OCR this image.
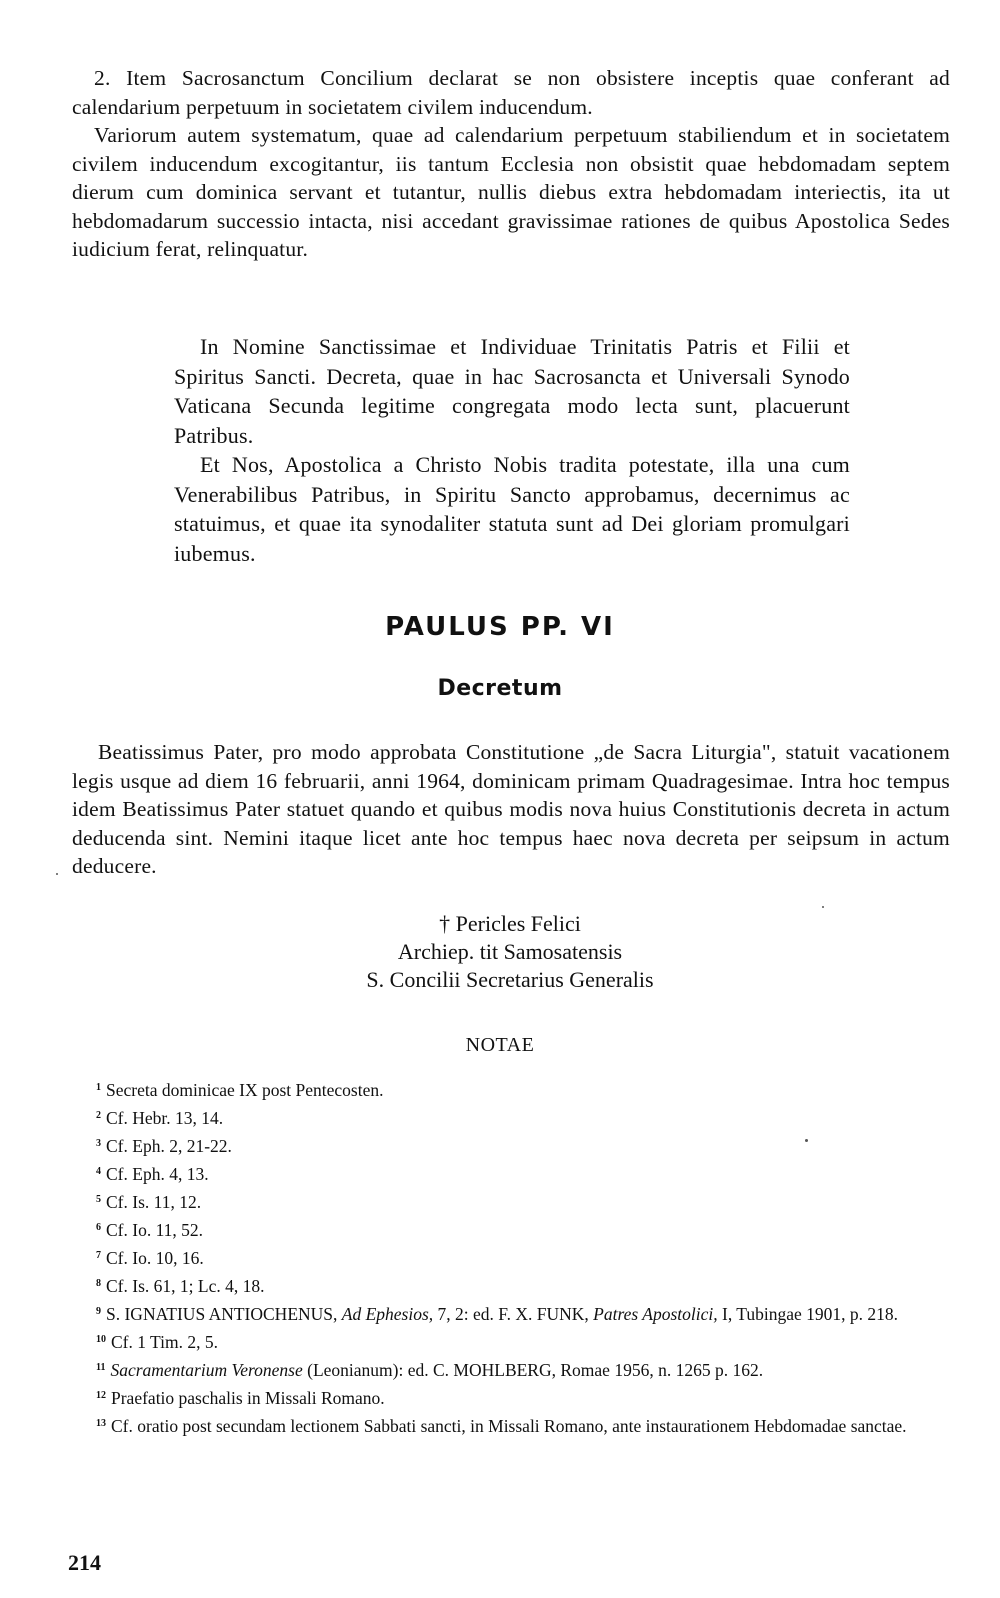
2. Item Sacrosanctum Concilium declarat se non obsistere inceptis quae conferant ad calendarium perpetuum in societatem civilem inducendum.

Variorum autem systematum, quae ad calendarium perpetuum stabiliendum et in societatem civilem inducendum excogitantur, iis tantum Ecclesia non obsistit quae hebdomadam septem dierum cum dominica servant et tutantur, nullis diebus extra hebdomadam interiectis, ita ut hebdomadarum successio intacta, nisi accedant gravissimae rationes de quibus Apostolica Sedes iudicium ferat, relinquatur.

In Nomine Sanctissimae et Individuae Trinitatis Patris et Filii et Spiritus Sancti. Decreta, quae in hac Sacrosancta et Universali Synodo Vaticana Secunda legitime congregata modo lecta sunt, placuerunt Patribus.

Et Nos, Apostolica a Christo Nobis tradita potestate, illa una cum Venerabilibus Patribus, in Spiritu Sancto approbamus, decernimus ac statuimus, et quae ita synodaliter statuta sunt ad Dei gloriam promulgari iubemus.

PAULUS PP. VI
Decretum

Beatissimus Pater, pro modo approbata Constitutione „de Sacra Liturgia", statuit vacationem legis usque ad diem 16 februarii, anni 1964, dominicam primam Quadragesimae. Intra hoc tempus idem Beatissimus Pater statuet quando et quibus modis nova huius Constitutionis decreta in actum deducenda sint. Nemini itaque licet ante hoc tempus haec nova decreta per seipsum in actum deducere.

† Pericles Felici
Archiep. tit Samosatensis
S. Concilii Secretarius Generalis
NOTAE

$^1$ Secreta dominicae IX post Pentecosten.

$^2$ Cf. Hebr. 13, 14.

$^3$ Cf. Eph. 2, 21-22.

$^4$ Cf. Eph. 4, 13.

$^5$ Cf. Is. 11, 12.

$^6$ Cf. Io. 11, 52.

$^7$ Cf. Io. 10, 16.

$^8$ Cf. Is. 61, 1; Lc. 4, 18.

$^9$ S. IGNATIUS ANTIOCHENUS, Ad Ephesios, 7, 2: ed. F. X. FUNK, Patres Apostolici, I, Tubingae 1901, p. 218.

$^{10}$ Cf. 1 Tim. 2, 5.

$^{11}$ Sacramentarium Veronense (Leonianum): ed. C. MOHLBERG, Romae 1956, n. 1265 p. 162.

$^{12}$ Praefatio paschalis in Missali Romano.

$^{13}$ Cf. oratio post secundam lectionem Sabbati sancti, in Missali Romano, ante instaurationem Hebdomadae sanctae.

214
